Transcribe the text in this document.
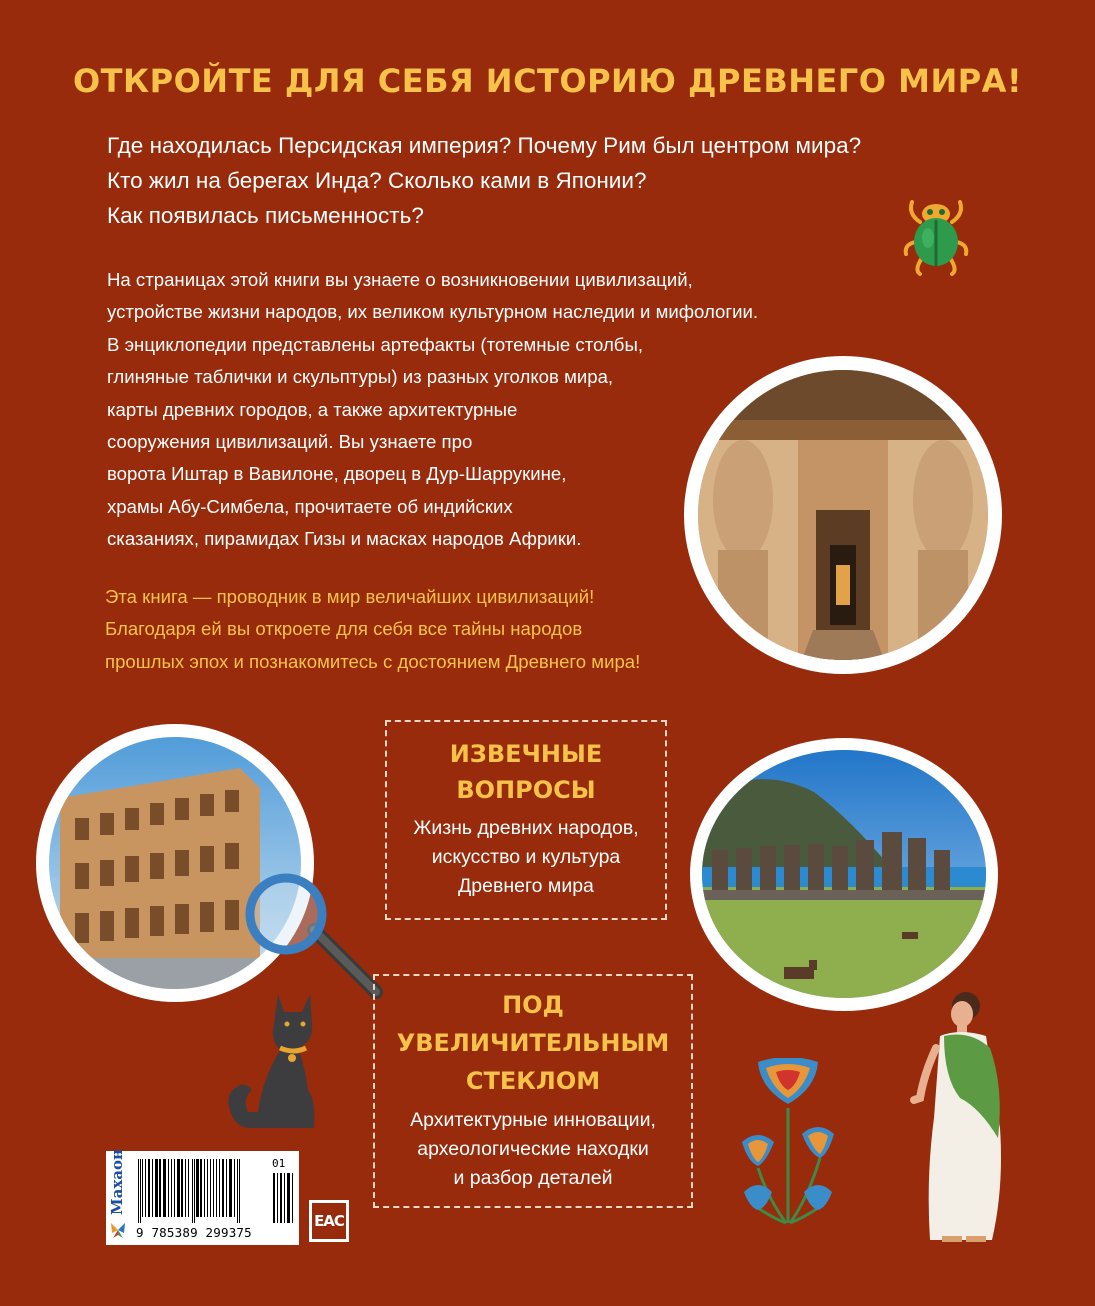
ОТКРОЙТЕ ДЛЯ СЕБЯ ИСТОРИЮ ДРЕВНЕГО МИРА!
Где находилась Персидская империя? Почему Рим был центром мира?
Кто жил на берегах Инда? Сколько ками в Японии?
Как появилась письменность?
На страницах этой книги вы узнаете о возникновении цивилизаций,
устройстве жизни народов, их великом культурном наследии и мифологии.
В энциклопедии представлены артефакты (тотемные столбы,
глиняные таблички и скульптуры) из разных уголков мира,
карты древних городов, а также архитектурные
сооружения цивилизаций. Вы узнаете про
ворота Иштар в Вавилоне, дворец в Дур-Шаррукине,
храмы Абу-Симбела, прочитаете об индийских
сказаниях, пирамидах Гизы и масках народов Африки.
Эта книга — проводник в мир величайших цивилизаций!
Благодаря ей вы откроете для себя все тайны народов
прошлых эпох и познакомитесь с достоянием Древнего мира!
ИЗВЕЧНЫЕ
ВОПРОСЫ
Жизнь древних народов,
искусство и культура
Древнего мира
ПОД
УВЕЛИЧИТЕЛЬНЫМ
СТЕКЛОМ
Архитектурные инновации,
археологические находки
и разбор деталей
Махаон	01
9 785389 299375
ЕАС
